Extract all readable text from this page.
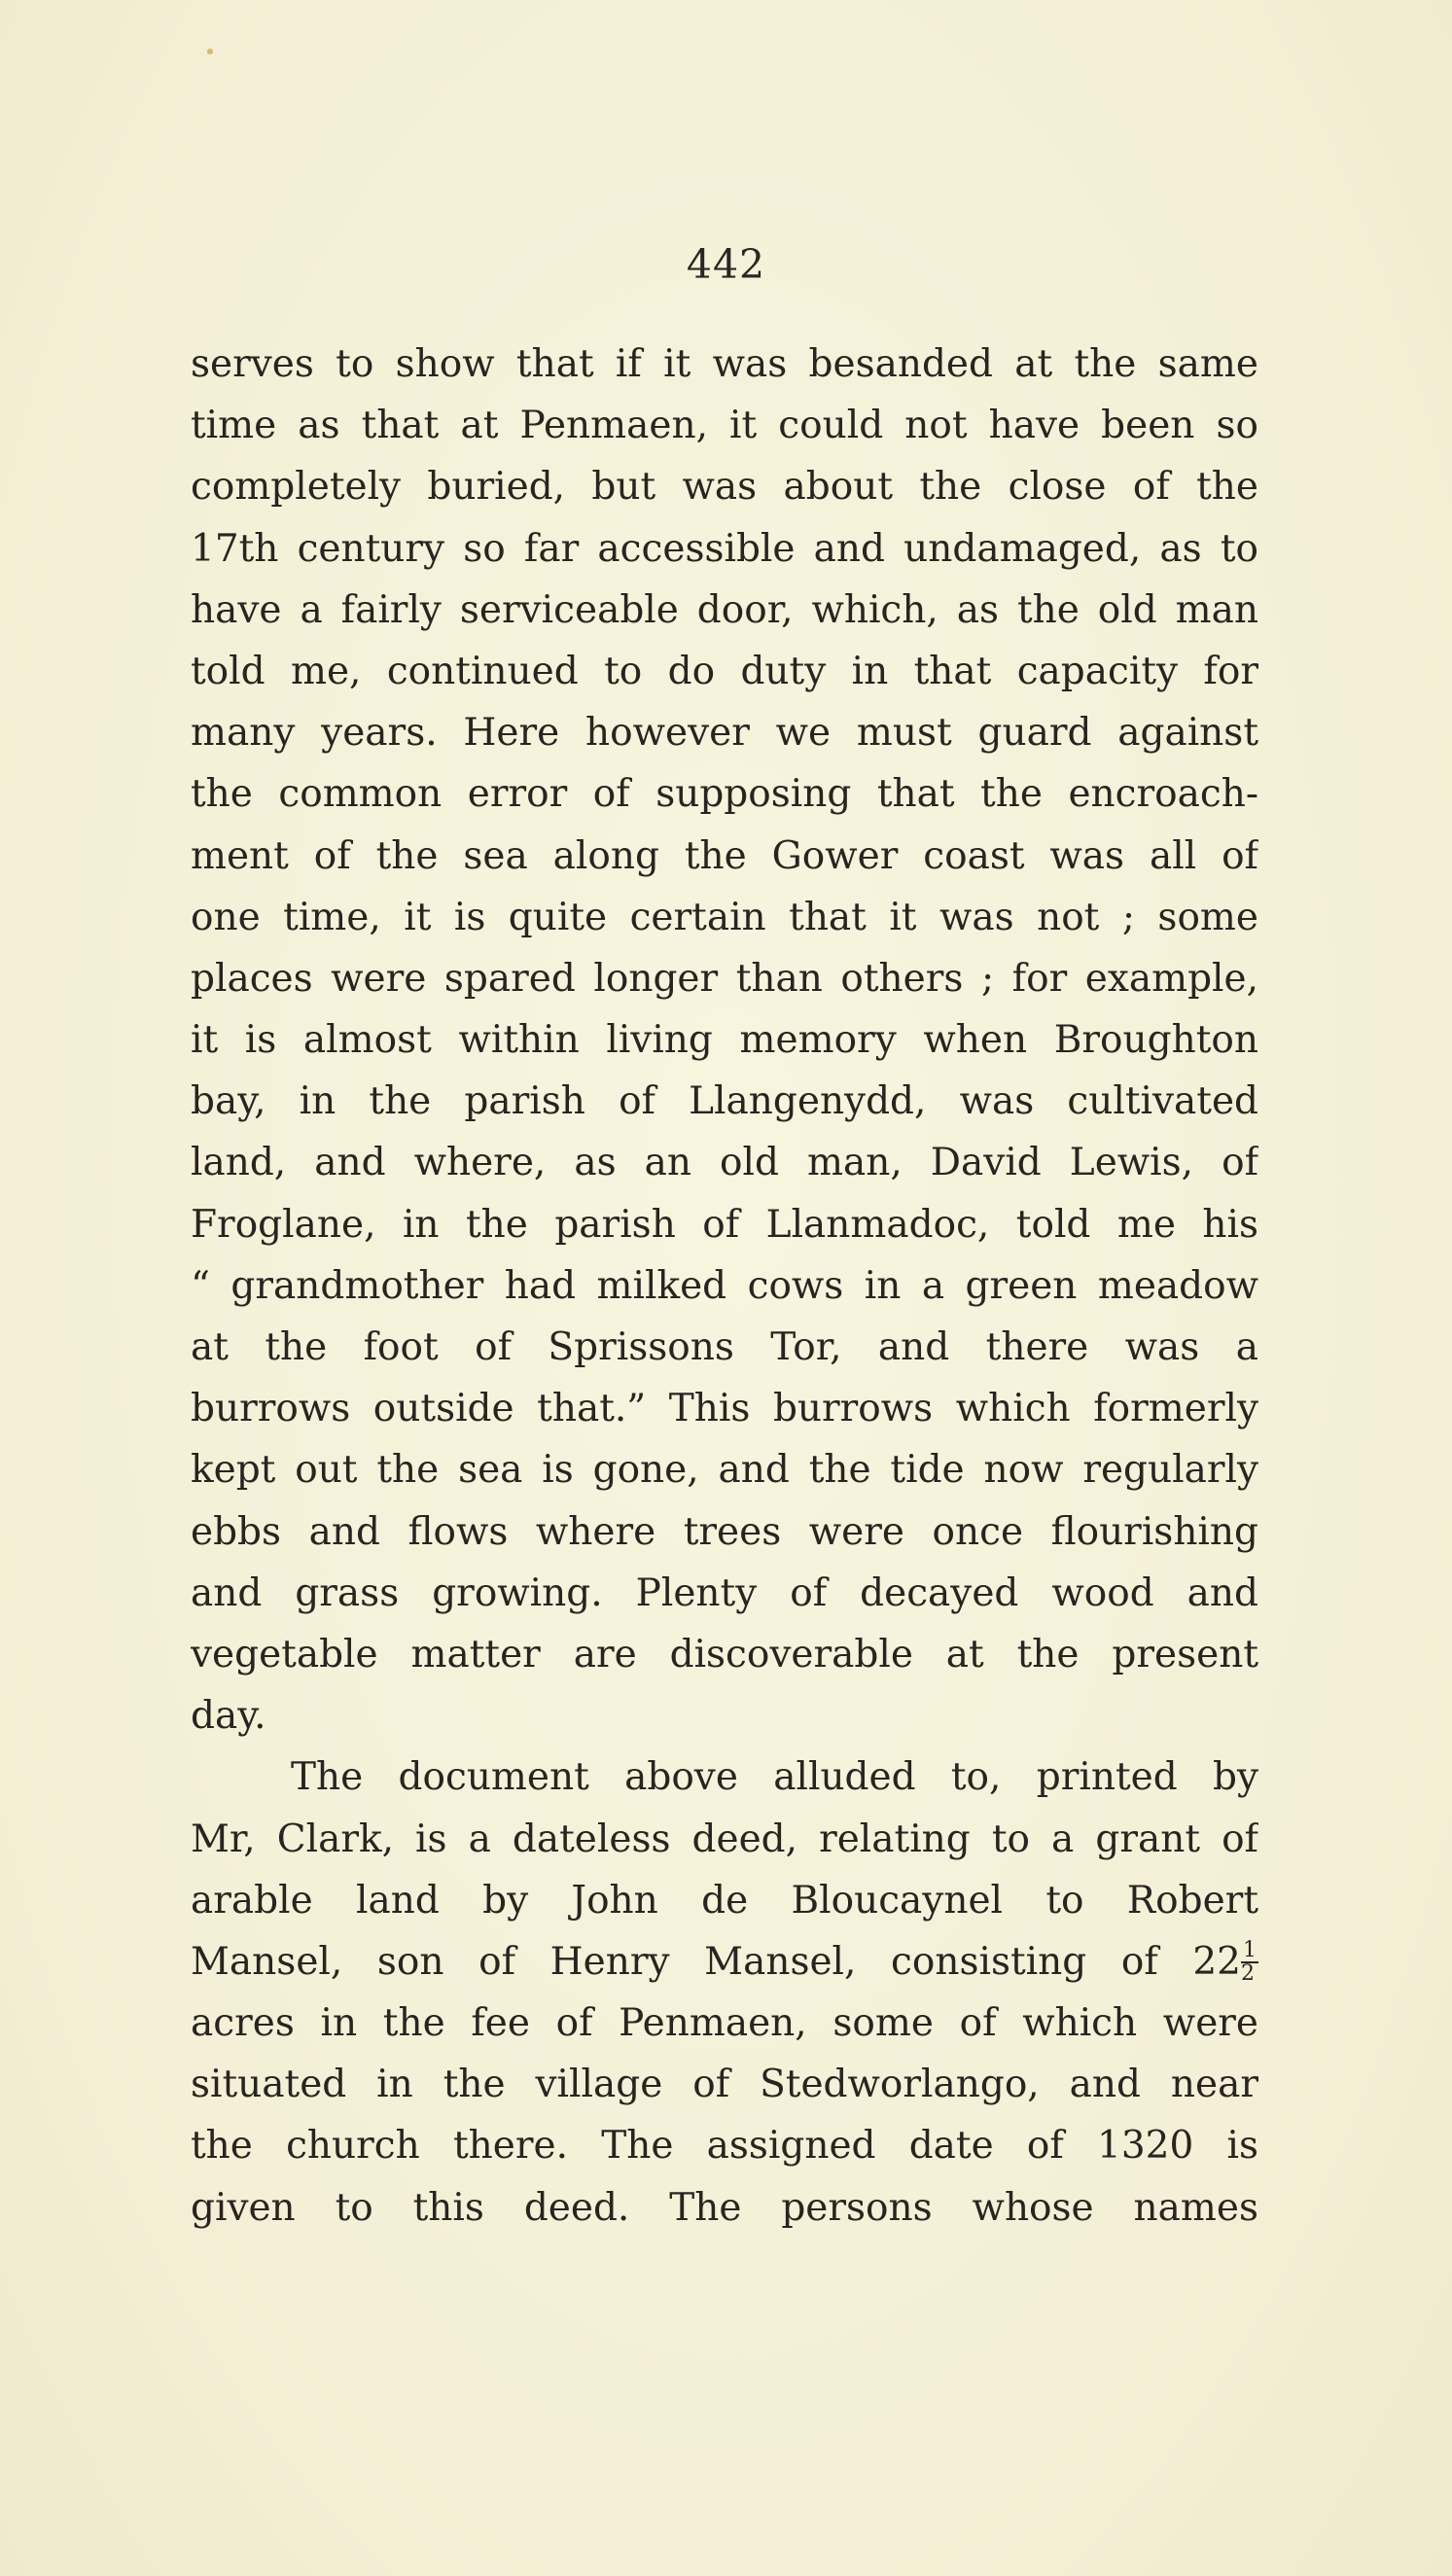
442
serves to show that if it was besanded at the same
time as that at Penmaen, it could not have been so
completely buried, but was about the close of the
17th century so far accessible and undamaged, as to
have a fairly serviceable door, which, as the old man
told me, continued to do duty in that capacity for
many years. Here however we must guard against
the common error of supposing that the encroach-
ment of the sea along the Gower coast was all of
one time, it is quite certain that it was not ; some
places were spared longer than others ; for example,
it is almost within living memory when Broughton
bay, in the parish of Llangenydd, was cultivated
land, and where, as an old man, David Lewis, of
Froglane, in the parish of Llanmadoc, told me his
“ grandmother had milked cows in a green meadow
at the foot of Sprissons Tor, and there was a
burrows outside that.” This burrows which formerly
kept out the sea is gone, and the tide now regularly
ebbs and flows where trees were once flourishing
and grass growing. Plenty of decayed wood and
vegetable matter are discoverable at the present
day.
The document above alluded to, printed by
Mr, Clark, is a dateless deed, relating to a grant of
arable land by John de Bloucaynel to Robert
Mansel, son of Henry Mansel, consisting of $22 \frac{1}{2}$
acres in the fee of Penmaen, some of which were
situated in the village of Stedworlango, and near
the church there. The assigned date of 1320 is
given to this deed. The persons whose names
